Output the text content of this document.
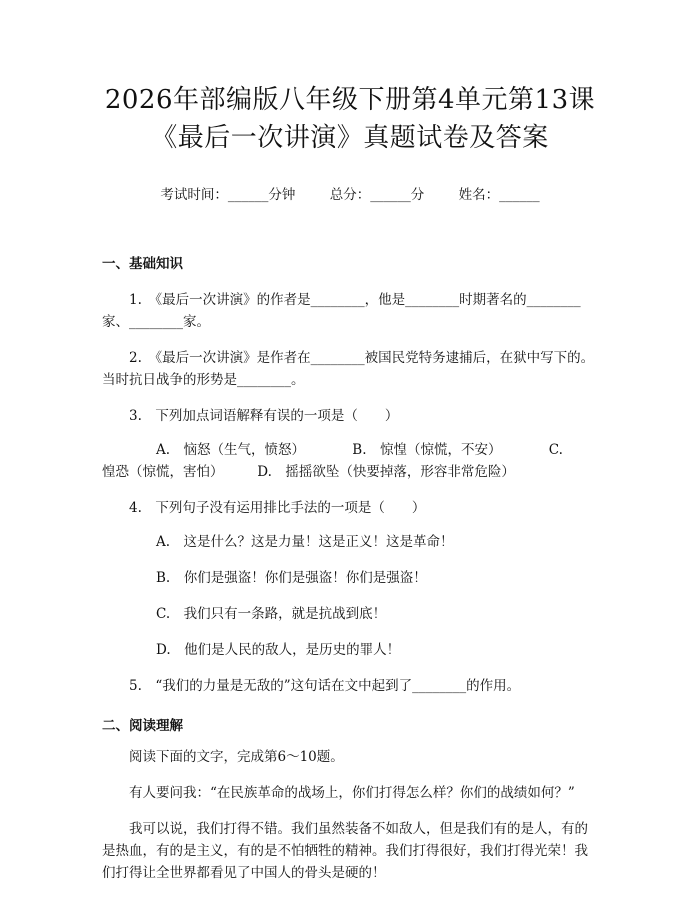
2026年部编版八年级下册第4单元第13课
《最后一次讲演》真题试卷及答案
考试时间：______分钟	总分：______分	姓名：______
一、基础知识
1.　《最后一次讲演》的作者是________，他是________时期著名的________家、________家。
2.　《最后一次讲演》是作者在________被国民党特务逮捕后，在狱中写下的。当时抗日战争的形势是________。
3.　下列加点词语解释有误的一项是（　　）
A.　恼怒（生气，愤怒）　　　　B.　惊惶（惊慌，不安）　　　　C.
惶恐（惊慌，害怕）　　　D.　摇摇欲坠（快要掉落，形容非常危险）
4.　下列句子没有运用排比手法的一项是（　　）
A.　这是什么？这是力量！这是正义！这是革命！
B.　你们是强盗！你们是强盗！你们是强盗！
C.　我们只有一条路，就是抗战到底！
D.　他们是人民的敌人，是历史的罪人！
5.　“我们的力量是无敌的”这句话在文中起到了________的作用。
二、阅读理解
阅读下面的文字，完成第6～10题。
有人要问我：“在民族革命的战场上，你们打得怎么样？你们的战绩如何？”
我可以说，我们打得不错。我们虽然装备不如敌人，但是我们有的是人，有的是热血，有的是主义，有的是不怕牺牲的精神。我们打得很好，我们打得光荣！我们打得让全世界都看见了中国人的骨头是硬的！
